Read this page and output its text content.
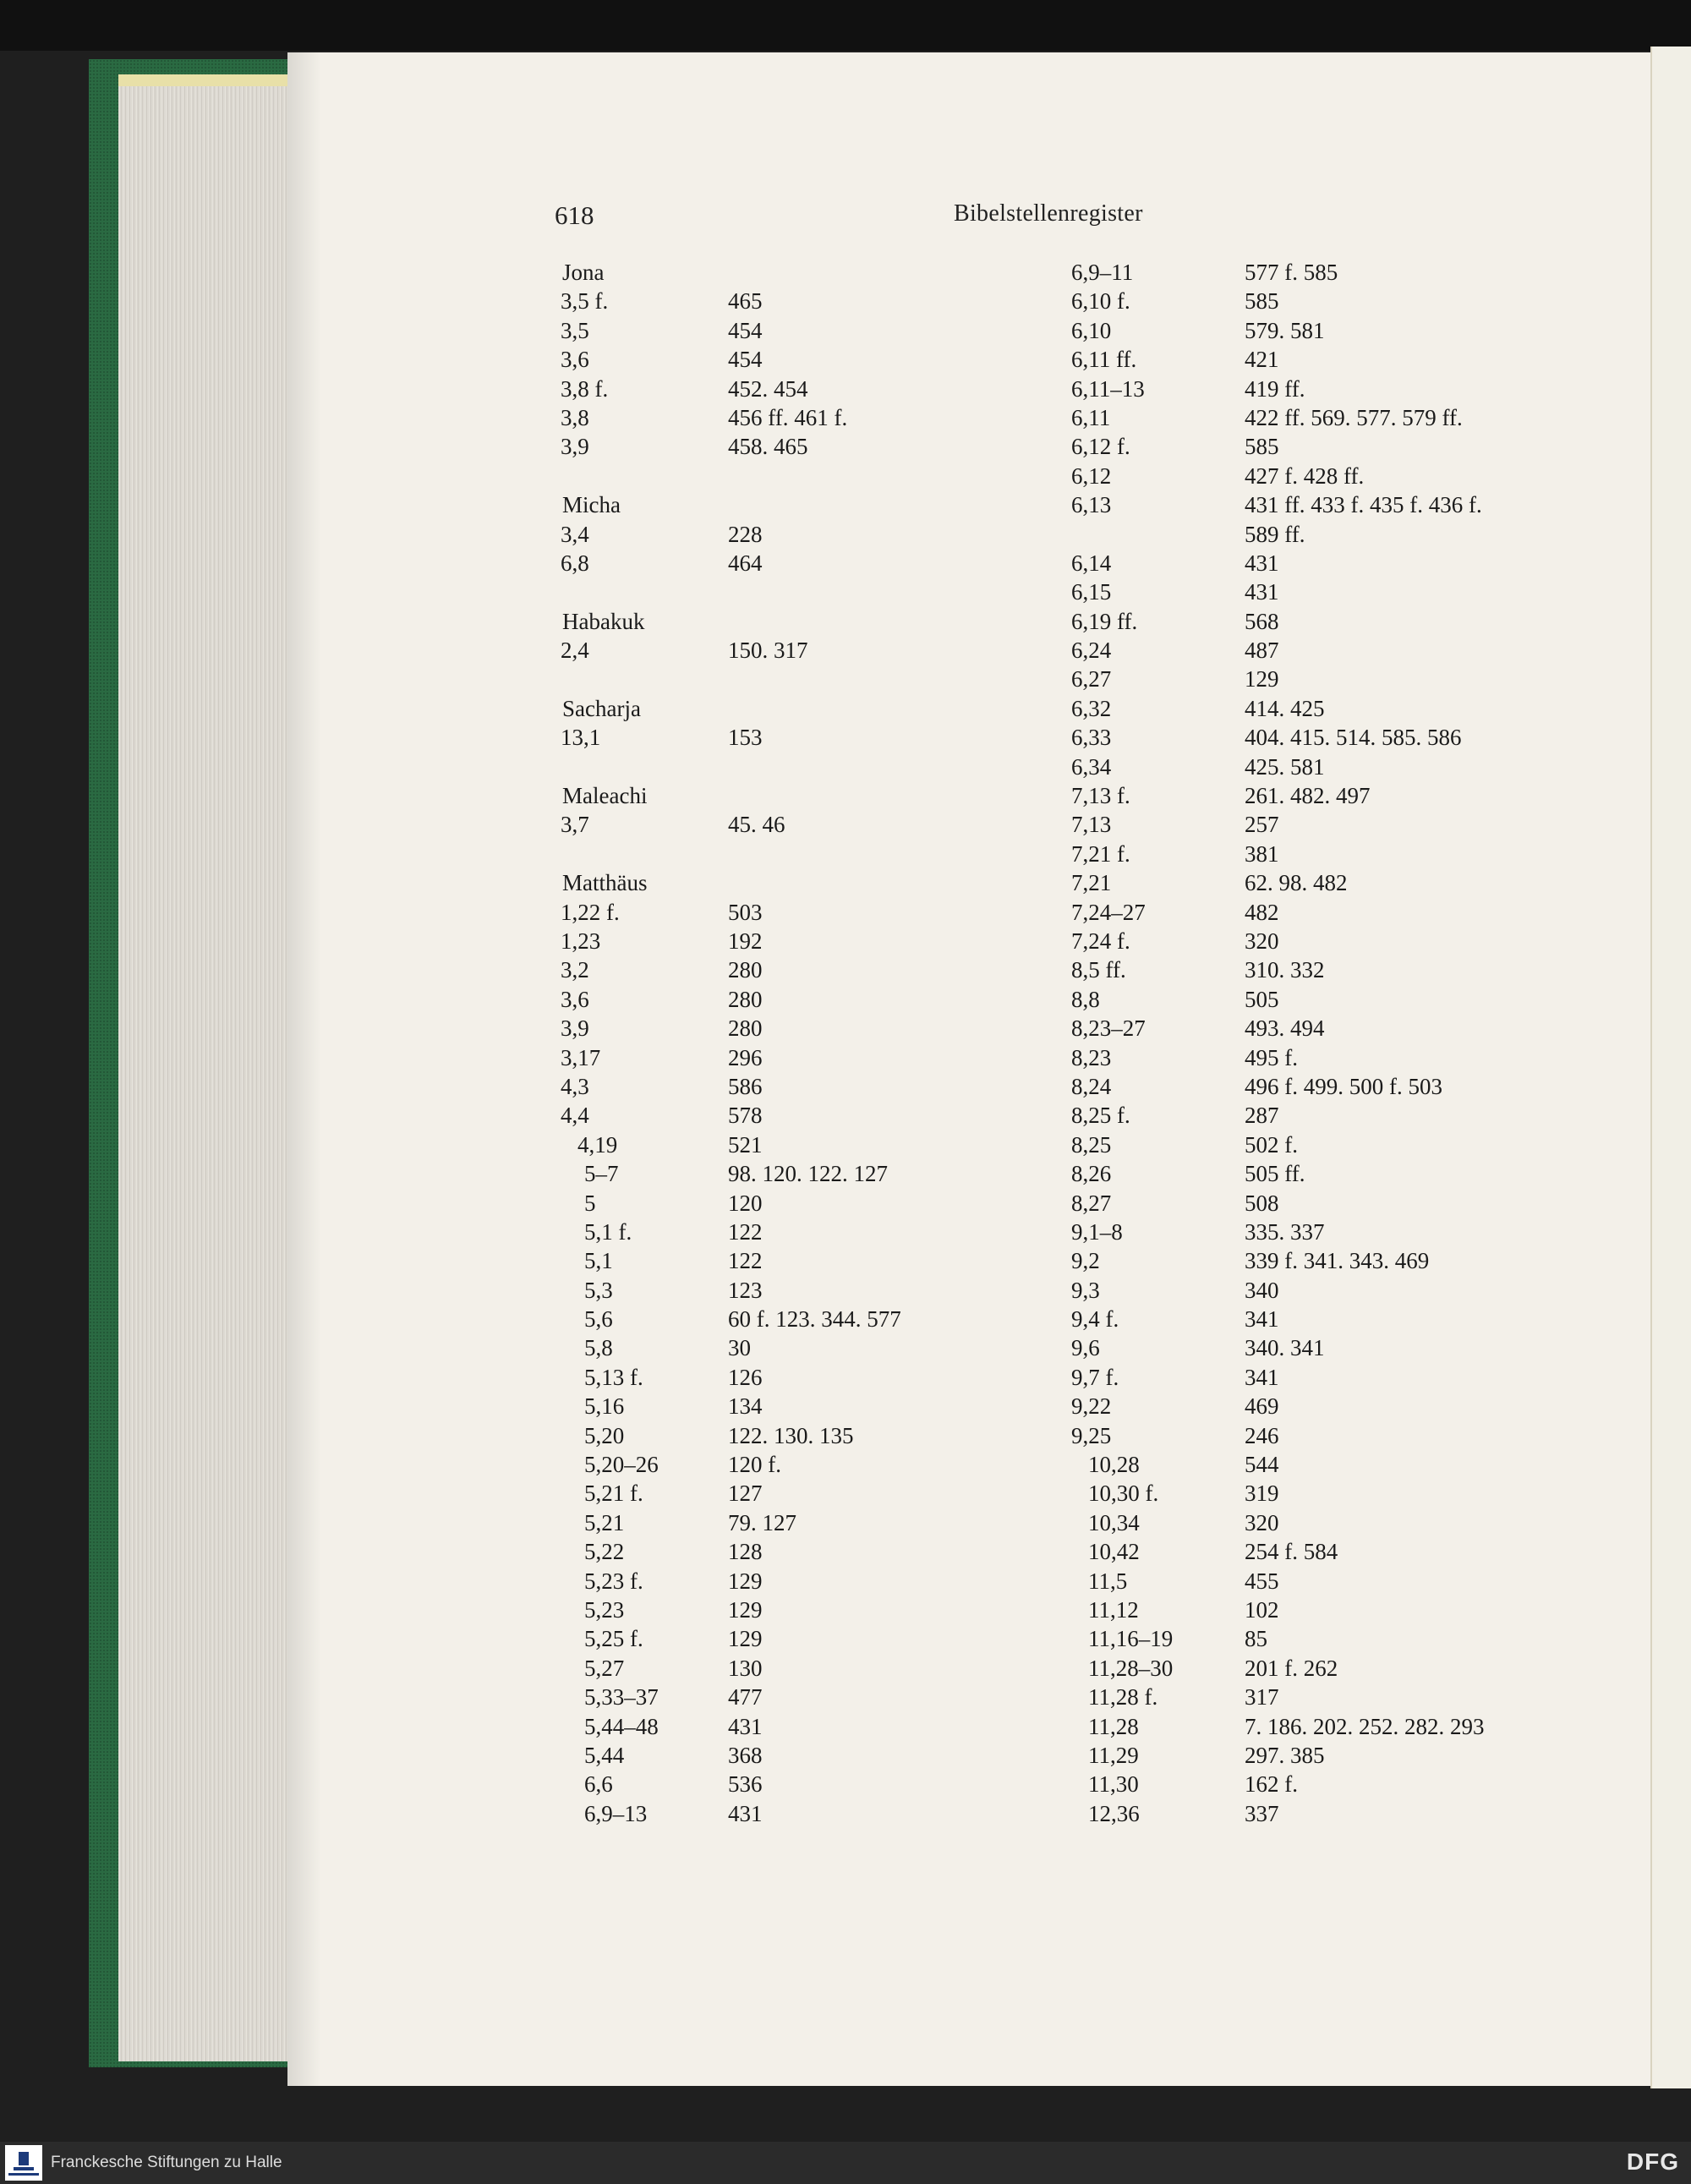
618	Bibelstellenregister
Jona
3,5 f.	465
3,5	454
3,6	454
3,8 f.	452. 454
3,8	456 ff. 461 f.
3,9	458. 465
Micha
3,4	228
6,8	464
Habakuk
2,4	150. 317
Sacharja
13,1	153
Maleachi
3,7	45. 46
Matthäus
1,22 f.	503
1,23	192
3,2	280
3,6	280
3,9	280
3,17	296
4,3	586
4,4	578
4,19	521
5–7	98. 120. 122. 127
5	120
5,1 f.	122
5,1	122
5,3	123
5,6	60 f. 123. 344. 577
5,8	30
5,13 f.	126
5,16	134
5,20	122. 130. 135
5,20–26	120 f.
5,21 f.	127
5,21	79. 127
5,22	128
5,23 f.	129
5,23	129
5,25 f.	129
5,27	130
5,33–37	477
5,44–48	431
5,44	368
6,6	536
6,9–13	431
6,9–11	577 f. 585
6,10 f.	585
6,10	579. 581
6,11 ff.	421
6,11–13	419 ff.
6,11	422 ff. 569. 577. 579 ff.
6,12 f.	585
6,12	427 f. 428 ff.
6,13	431 ff. 433 f. 435 f. 436 f.
589 ff.
6,14	431
6,15	431
6,19 ff.	568
6,24	487
6,27	129
6,32	414. 425
6,33	404. 415. 514. 585. 586
6,34	425. 581
7,13 f.	261. 482. 497
7,13	257
7,21 f.	381
7,21	62. 98. 482
7,24–27	482
7,24 f.	320
8,5 ff.	310. 332
8,8	505
8,23–27	493. 494
8,23	495 f.
8,24	496 f. 499. 500 f. 503
8,25 f.	287
8,25	502 f.
8,26	505 ff.
8,27	508
9,1–8	335. 337
9,2	339 f. 341. 343. 469
9,3	340
9,4 f.	341
9,6	340. 341
9,7 f.	341
9,22	469
9,25	246
10,28	544
10,30 f.	319
10,34	320
10,42	254 f. 584
11,5	455
11,12	102
11,16–19	85
11,28–30	201 f. 262
11,28 f.	317
11,28	7. 186. 202. 252. 282. 293
11,29	297. 385
11,30	162 f.
12,36	337
Franckesche Stiftungen zu Halle	DFG
